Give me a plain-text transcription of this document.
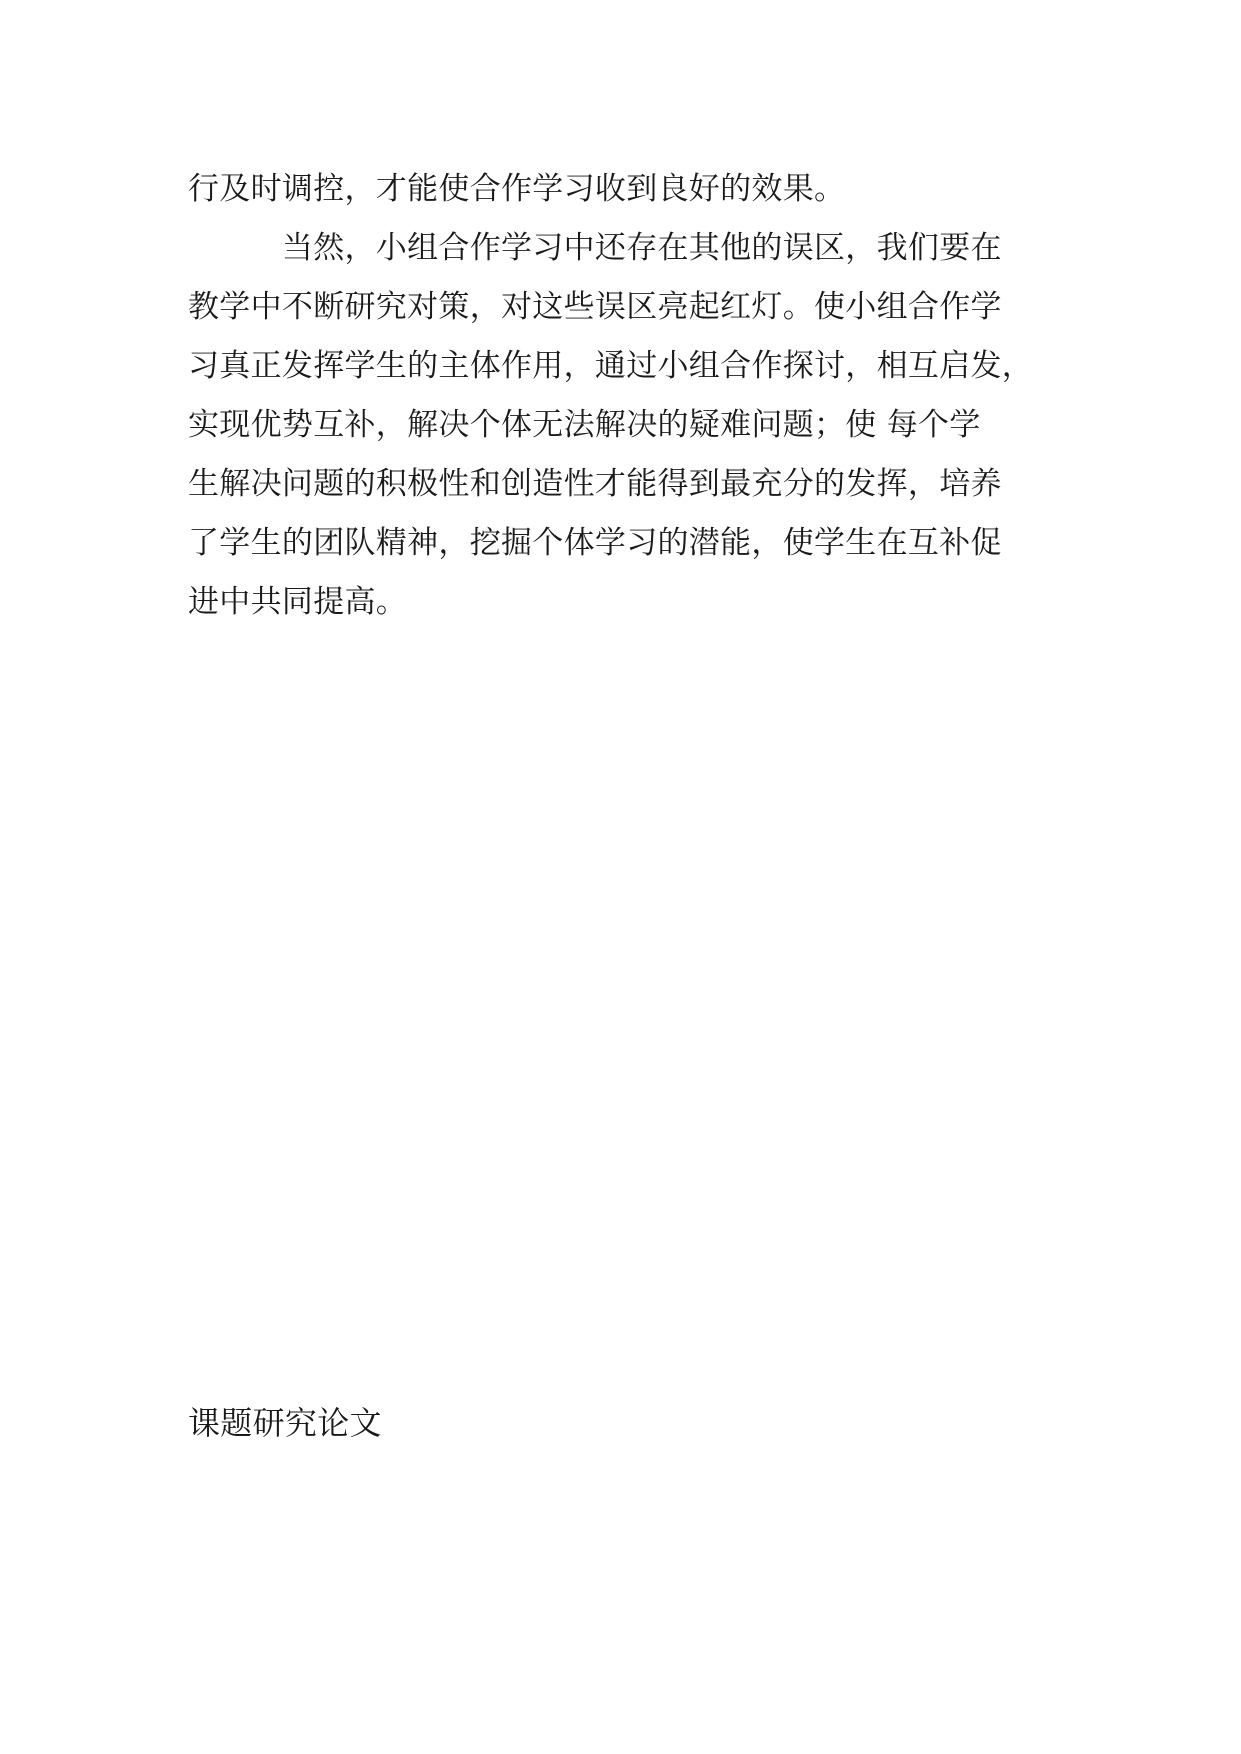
行及时调控，才能使合作学习收到良好的效果。
　　　当然，小组合作学习中还存在其他的误区，我们要在
教学中不断研究对策，对这些误区亮起红灯。使小组合作学
习真正发挥学生的主体作用，通过小组合作探讨，相互启发，
实现优势互补，解决个体无法解决的疑难问题；使 每个学
生解决问题的积极性和创造性才能得到最充分的发挥，培养
了学生的团队精神，挖掘个体学习的潜能，使学生在互补促
进中共同提高。
课题研究论文
